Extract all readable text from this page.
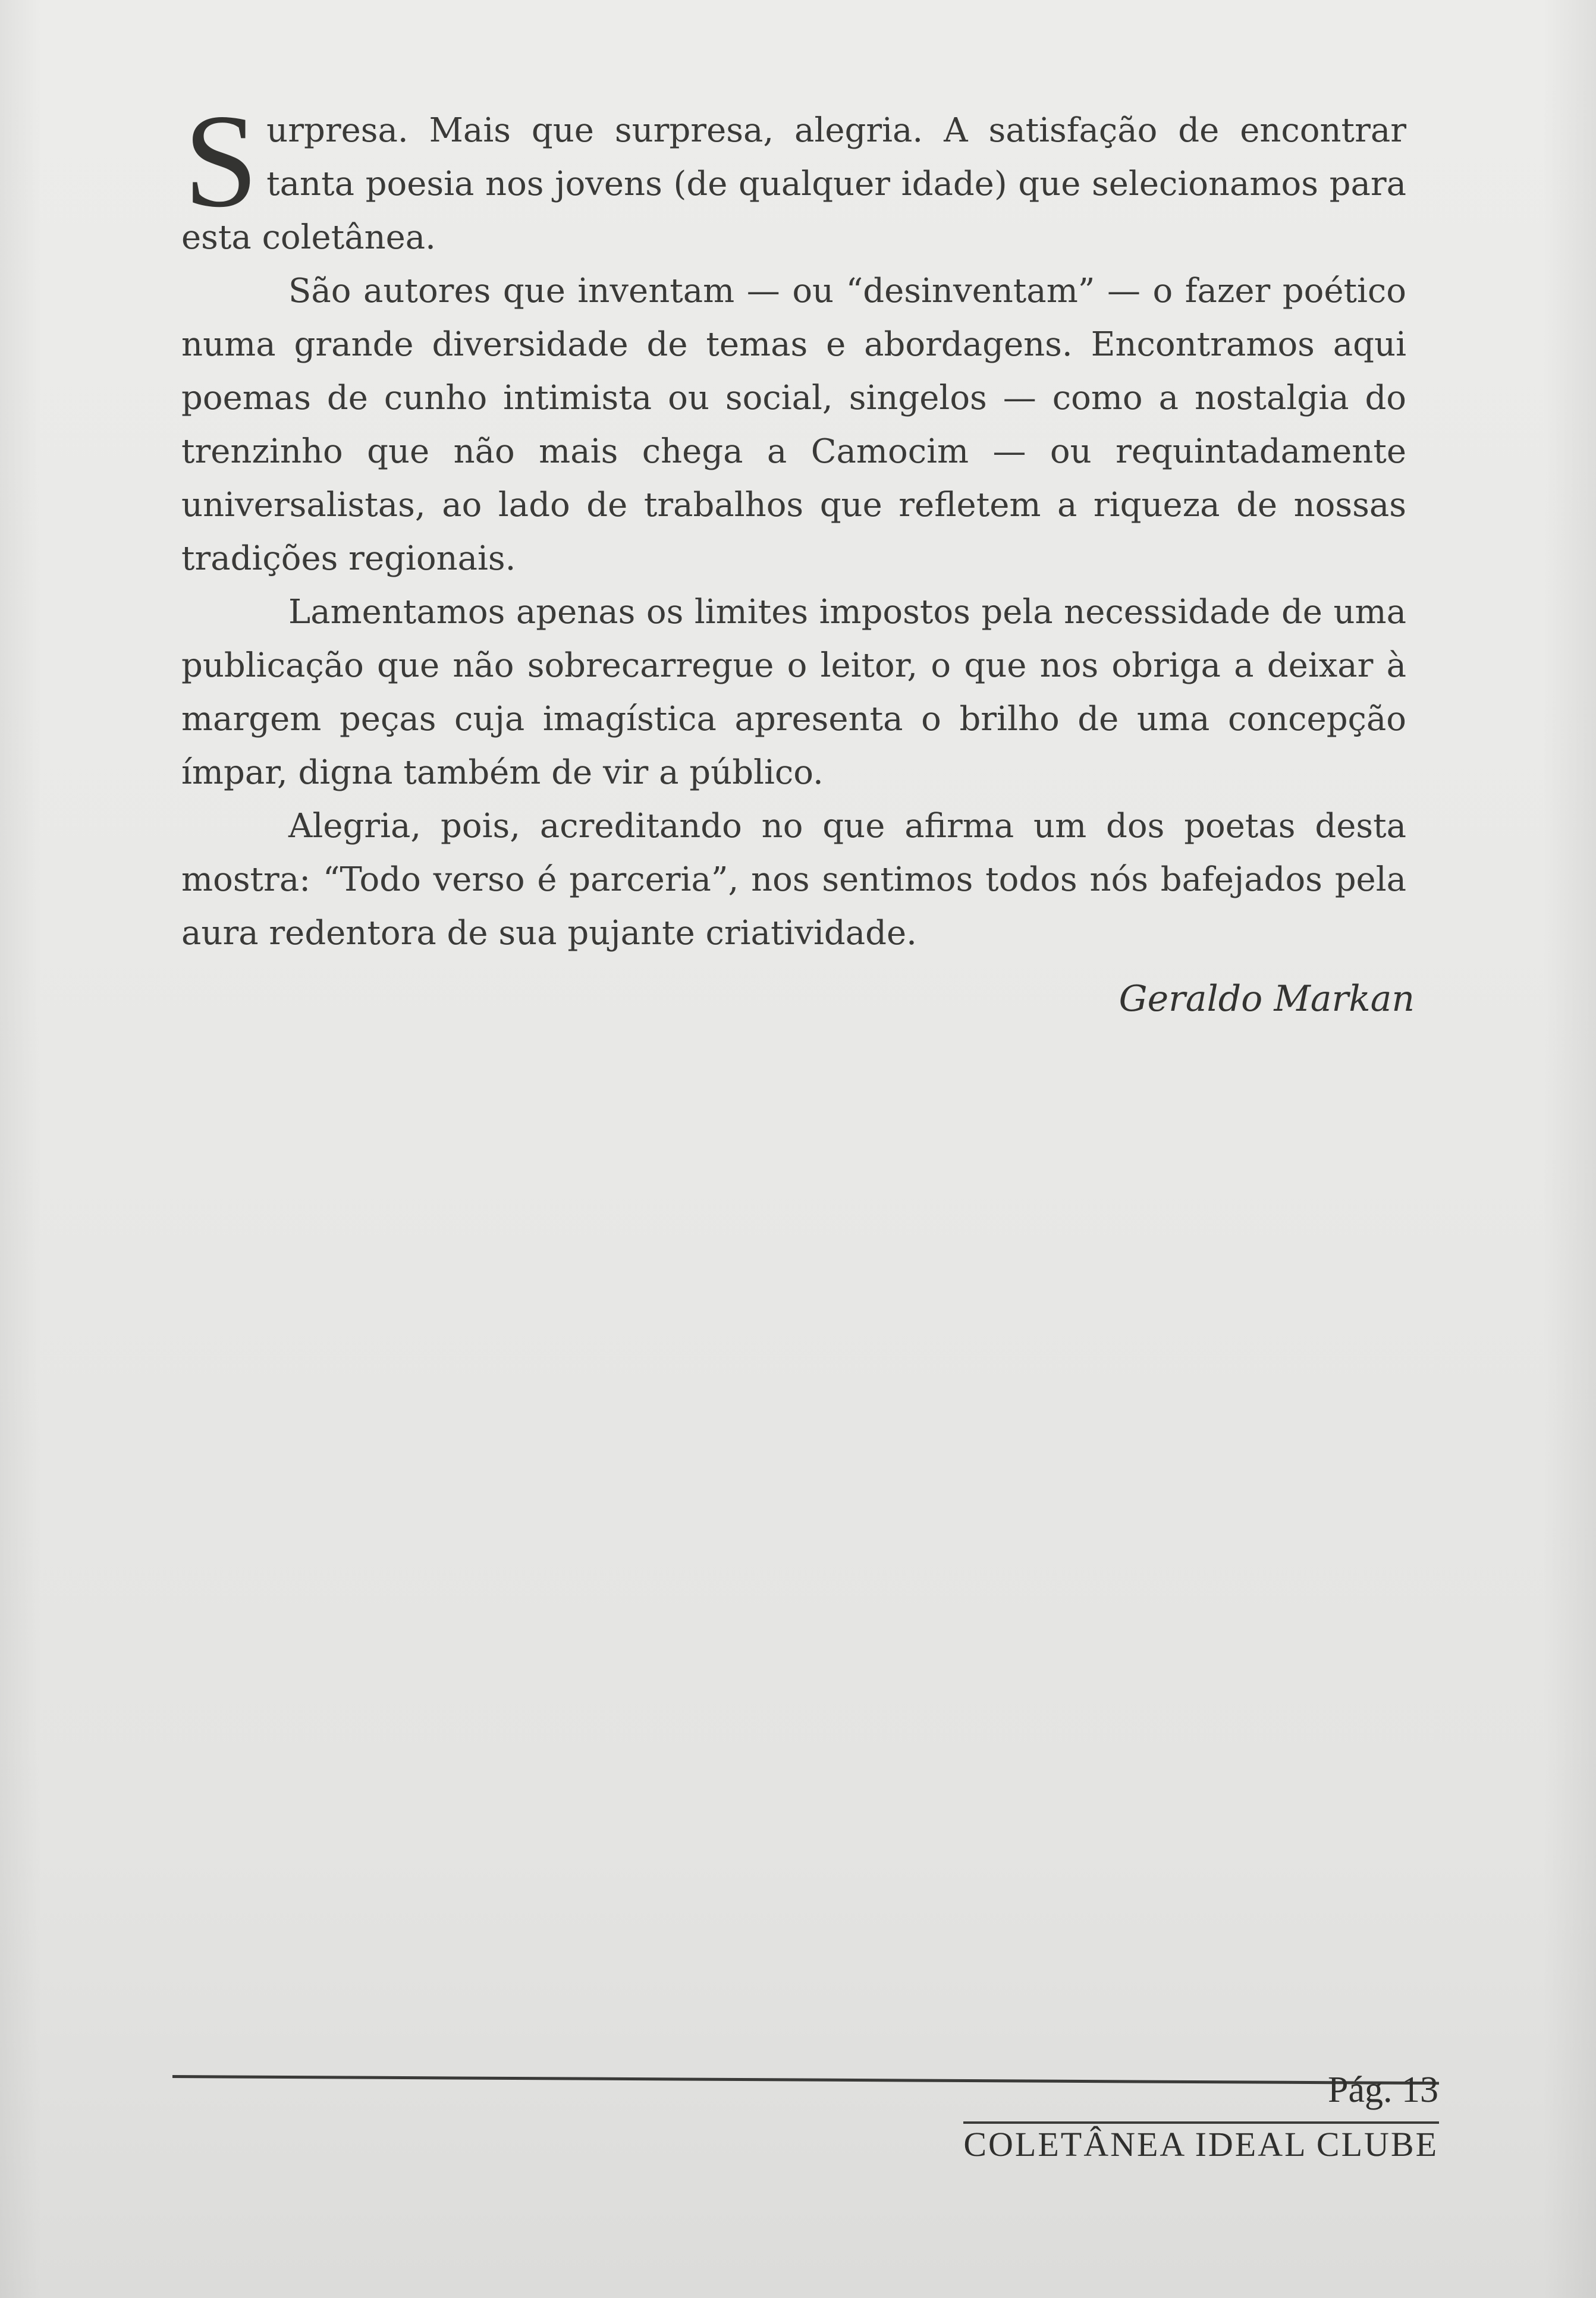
Surpresa. Mais que surpresa, alegria. A satisfação de encontrar tanta poesia nos jovens (de qualquer idade) que selecionamos para esta coletânea.

São autores que inventam — ou “desinventam” — o fazer poético numa grande diversidade de temas e abordagens. Encontramos aqui poemas de cunho intimista ou social, singelos — como a nostalgia do trenzinho que não mais chega a Camocim — ou requintadamente universalistas, ao lado de trabalhos que refletem a riqueza de nossas tradições regionais.

Lamentamos apenas os limites impostos pela necessidade de uma publicação que não sobrecarregue o leitor, o que nos obriga a deixar à margem peças cuja imagística apresenta o brilho de uma concepção ímpar, digna também de vir a público.

Alegria, pois, acreditando no que afirma um dos poetas desta mostra: “Todo verso é parceria”, nos sentimos todos nós bafejados pela aura redentora de sua pujante criatividade.

Geraldo Markan
Pág. 13
COLETÂNEA IDEAL CLUBE
